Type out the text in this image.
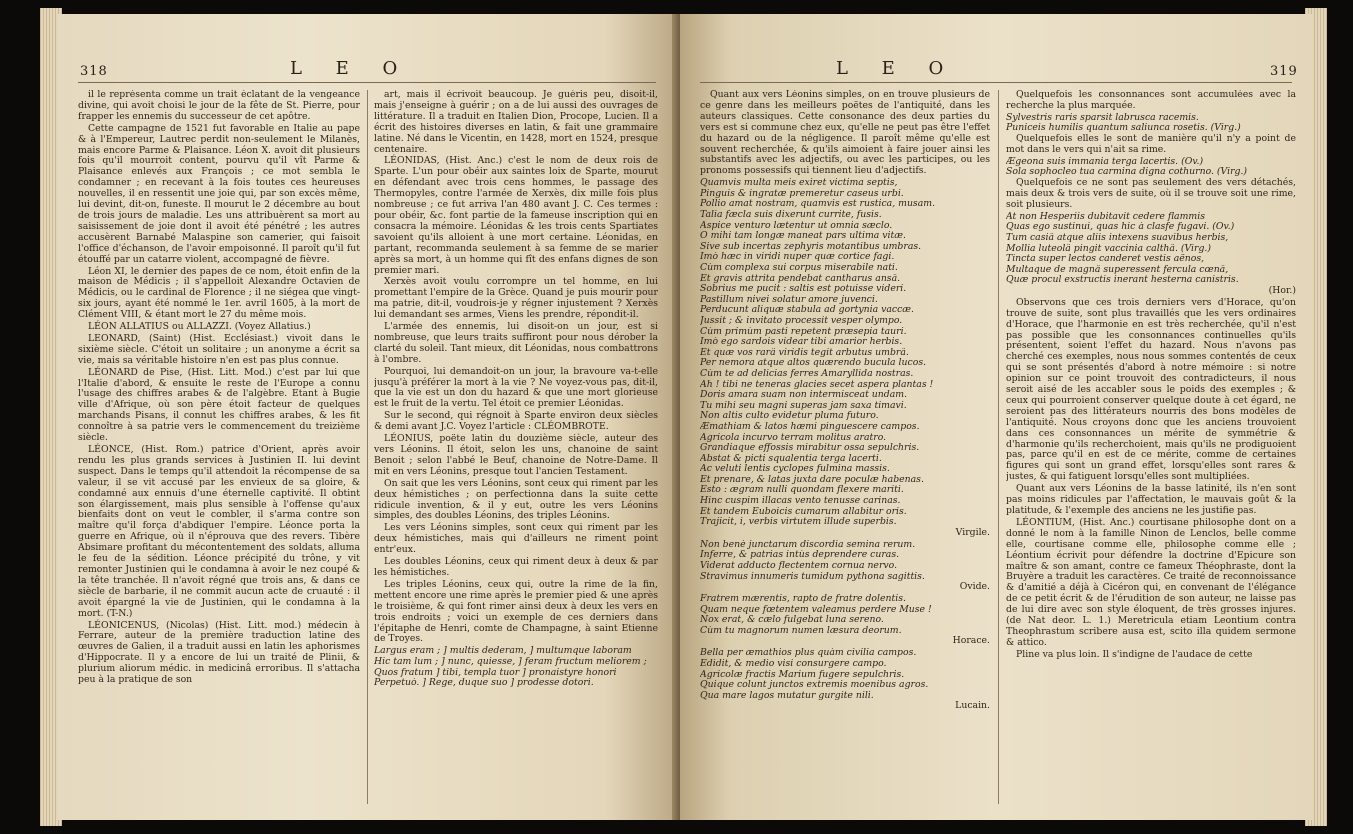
318	L E O

il le représenta comme un trait éclatant de la vengeance divine, qui avoit choisi le jour de la fête de St. Pierre, pour frapper les ennemis du successeur de cet apôtre.

Cette campagne de 1521 fut favorable en Italie au pape & à l'Empereur, Lautrec perdit non-seulement le Milanès, mais encore Parme & Plaisance. Léon X. avoit dit plusieurs fois qu'il mourroit content, pourvu qu'il vît Parme & Plaisance enlevés aux François ; ce mot sembla le condamner ; en recevant à la fois toutes ces heureuses nouvelles, il en ressentit une joie qui, par son excès même, lui devint, dit-on, funeste. Il mourut le 2 décembre au bout de trois jours de maladie. Les uns attribuèrent sa mort au saisissement de joie dont il avoit été pénétré ; les autres accusèrent Barnabé Malaspine son camerier, qui faisoit l'office d'échanson, de l'avoir empoisonné. Il paroît qu'il fut étouffé par un catarre violent, accompagné de fièvre.

Léon XI, le dernier des papes de ce nom, étoit enfin de la maison de Médicis ; il s'appelloit Alexandre Octavien de Médicis, ou le cardinal de Florence ; il ne siégea que vingt-six jours, ayant été nommé le 1er. avril 1605, à la mort de Clément VIII, & étant mort le 27 du même mois.

LÉON ALLATIUS ou ALLAZZI. (Voyez Allatius.)

LEONARD, (Saint) (Hist. Ecclésiast.) vivoit dans le sixième siècle. C'étoit un solitaire ; un anonyme a écrit sa vie, mais sa véritable histoire n'en est pas plus connue.

LÉONARD de Pise, (Hist. Litt. Mod.) c'est par lui que l'Italie d'abord, & ensuite le reste de l'Europe a connu l'usage des chiffres arabes & de l'algèbre. Etant à Bugie ville d'Afrique, où son père étoit facteur de quelques marchands Pisans, il connut les chiffres arabes, & les fit connoître à sa patrie vers le commencement du treizième siècle.

LÉONCE, (Hist. Rom.) patrice d'Orient, après avoir rendu les plus grands services à Justinien II. lui devint suspect. Dans le temps qu'il attendoit la récompense de sa valeur, il se vit accusé par les envieux de sa gloire, & condamné aux ennuis d'une éternelle captivité. Il obtint son élargissement, mais plus sensible à l'offense qu'aux bienfaits dont on veut le combler, il s'arma contre son maître qu'il força d'abdiquer l'empire. Léonce porta la guerre en Afrique, où il n'éprouva que des revers. Tibère Absimare profitant du mécontentement des soldats, alluma le feu de la sédition. Léonce précipité du trône, y vit remonter Justinien qui le condamna à avoir le nez coupé & la tête tranchée. Il n'avoit régné que trois ans, & dans ce siècle de barbarie, il ne commit aucun acte de cruauté : il avoit épargné la vie de Justinien, qui le condamna à la mort. (T-N.)

LÉONICENUS, (Nicolas) (Hist. Litt. mod.) médecin à Ferrare, auteur de la première traduction latine des œuvres de Galien, il a traduit aussi en latin les aphorismes d'Hippocrate. Il y a encore de lui un traité de Plinii, & plurium aliorum médic. in medicinâ erroribus. Il s'attacha peu à la pratique de son

art, mais il écrivoit beaucoup. Je guéris peu, disoit-il, mais j'enseigne à guérir ; on a de lui aussi des ouvrages de littérature. Il a traduit en Italien Dion, Procope, Lucien. Il a écrit des histoires diverses en latin, & fait une grammaire latine. Né dans le Vicentin, en 1428, mort en 1524, presque centenaire.

LÉONIDAS, (Hist. Anc.) c'est le nom de deux rois de Sparte. L'un pour obéir aux saintes loix de Sparte, mourut en défendant avec trois cens hommes, le passage des Thermopyles, contre l'armée de Xerxès, dix mille fois plus nombreuse ; ce fut arriva l'an 480 avant J. C. Ces termes : pour obéir, &c. font partie de la fameuse inscription qui en consacra la mémoire. Léonidas & les trois cents Spartiates savoient qu'ils alloient à une mort certaine. Léonidas, en partant, recommanda seulement à sa femme de se marier après sa mort, à un homme qui fît des enfans dignes de son premier mari.

Xerxès avoit voulu corrompre un tel homme, en lui promettant l'empire de la Grèce. Quand je puis mourir pour ma patrie, dit-il, voudrois-je y régner injustement ? Xerxès lui demandant ses armes, Viens les prendre, répondit-il.

L'armée des ennemis, lui disoit-on un jour, est si nombreuse, que leurs traits suffiront pour nous dérober la clarté du soleil. Tant mieux, dit Léonidas, nous combattrons à l'ombre.

Pourquoi, lui demandoit-on un jour, la bravoure va-t-elle jusqu'à préférer la mort à la vie ? Ne voyez-vous pas, dit-il, que la vie est un don du hazard & que une mort glorieuse est le fruit de la vertu. Tel étoit ce premier Léonidas.

Sur le second, qui régnoit à Sparte environ deux siècles & demi avant J.C. Voyez l'article : CLÉOMBROTE.

LÉONIUS, poëte latin du douzième siècle, auteur des vers Léonins. Il étoit, selon les uns, chanoine de saint Benoit ; selon l'abbé le Beuf, chanoine de Notre-Dame. Il mit en vers Léonins, presque tout l'ancien Testament.

On sait que les vers Léonins, sont ceux qui riment par les deux hémistiches ; on perfectionna dans la suite cette ridicule invention, & il y eut, outre les vers Léonins simples, des doubles Léonins, des triples Léonins.

Les vers Léonins simples, sont ceux qui riment par les deux hémistiches, mais qui d'ailleurs ne riment point entr'eux.

Les doubles Léonins, ceux qui riment deux à deux & par les hémistiches.

Les triples Léonins, ceux qui, outre la rime de la fin, mettent encore une rime après le premier pied & une après le troisième, & qui font rimer ainsi deux à deux les vers en trois endroits ; voici un exemple de ces derniers dans l'épitaphe de Henri, comte de Champagne, à saint Etienne de Troyes.

Largus eram ; ] multis dederam, ] multumque laboram

Hic tam lum ; ] nunc, quiesse, ] feram fructum meliorem ;

Quos fratum ] tibi, templa tuor ] pronaistyre honori

Perpetuò. ] Rege, duque suo ] prodesse dotori.

L E O	319

Quant aux vers Léonins simples, on en trouve plusieurs de ce genre dans les meilleurs poëtes de l'antiquité, dans les auteurs classiques. Cette consonance des deux parties du vers est si commune chez eux, qu'elle ne peut pas être l'effet du hazard ou de la négligence. Il paroît même qu'elle est souvent recherchée, & qu'ils aimoient à faire jouer ainsi les substantifs avec les adjectifs, ou avec les participes, ou les pronoms possessifs qui tiennent lieu d'adjectifs.

Quamvis multa meis exiret victima septis,

Pinguis & ingratæ premeretur caseus urbi.

Pollio amat nostram, quamvis est rustica, musam.

Talia fæcla suis dixerunt currite, fusis.

Aspice venturo lætentur ut omnia sæclo.

O mihi tam longæ maneat pars ultima vitæ.

Sive sub incertas zephyris motantibus umbras.

Imò hæc in viridi nuper quæ cortice fagi.

Cùm complexa sui corpus miserabile nati.

Et gravis attrita pendebat cantharus ansâ.

Sobrius me pucit : saltis est potuisse videri.

Pastillum nivei solatur amore juvenci.

Perducunt aliquæ stabula ad gortynia vaccæ.

Jussit ; & invitato processit vesper olympo.

Cùm primùm pasti repetent præsepia tauri.

Imò ego sardois videar tibi amarior herbis.

Et quæ vos rarâ viridis tegit arbutus umbrâ.

Per nemora atque altos quærendo bucula lucos.

Cùm te ad delicias ferres Amaryllida nostras.

Ah ! tibi ne teneras glacies secet aspera plantas !

Doris amara suam non intermisceat undam.

Tu mihi seu magni superas jam saxa timavi.

Non altis culto evidetur pluma futuro.

Æmathiam & latos hæmi pinguescere campos.

Agricola incurvo terram molitus aratro.

Grandiaque effossis mirabitur ossa sepulchris.

Abstat & picti squalentia terga lacerti.

Ac veluti lentis cyclopes fulmina massis.

Et prenare, & latas juxta dare poculæ habenas.

Esto : ægram nulli quondam flexere mariti.

Hinc cuspim illacas vento tenusse carinas.

Et tandem Euboicis cumarum allabitur oris.

Trajicit, i, verbis virtutem illude superbis.

Virgile.

Non benè junctarum discordia semina rerum.

Inferre, & patrias intùs deprendere curas.

Viderat adducto flectentem cornua nervo.

Stravimus innumeris tumidum pythona sagittis.

Ovide.

Fratrem mærentis, rapto de fratre dolentis.

Quam neque fœtentem valeamus perdere Muse !

Nox erat, & cælo fulgebat luna sereno.

Cùm tu magnorum numen læsura deorum.

Horace.

Bella per æmathios plus quàm civilia campos.

Edidit, & medio visi consurgere campo.

Agricolæ fractis Marium fugere sepulchris.

Quique colunt junctos extremis moenibus agros.

Qua mare lagos mutatur gurgite nili.

Lucain.

Quelquefois les consonnances sont accumulées avec la recherche la plus marquée.

Sylvestris raris sparsit labrusca racemis.

Puniceis humilis quantum saliunca rosetis. (Virg.)

Quelquefois elles le sont de manière qu'il n'y a point de mot dans le vers qui n'ait sa rime.

Ægeona suis immania terga lacertis. (Ov.)

Sola sophocleo tua carmina digna cothurno. (Virg.)

Quelquefois ce ne sont pas seulement des vers détachés, mais deux & trois vers de suite, où il se trouve soit une rime, soit plusieurs.

At non Hesperiis dubitavit cedere flammis

Quas ego sustinui, quas hic à clasfe fugavi. (Ov.)

Tum casiâ atque aliis intexens suavibus herbis,

Mollia luteolâ pingit vaccinia calthâ. (Virg.)

Tincta super lectos canderet vestis aënos,

Multaque de magnâ superessent fercula cœnâ,

Quæ procul exstructis inerant hesterna canistris.

(Hor.)

Observons que ces trois derniers vers d'Horace, qu'on trouve de suite, sont plus travaillés que les vers ordinaires d'Horace, que l'harmonie en est très recherchée, qu'il n'est pas possible que les consonnances continuelles qu'ils présentent, soient l'effet du hazard. Nous n'avons pas cherché ces exemples, nous nous sommes contentés de ceux qui se sont présentés d'abord à notre mémoire : si notre opinion sur ce point trouvoit des contradicteurs, il nous seroit aisé de les accabler sous le poids des exemples ; & ceux qui pourroient conserver quelque doute à cet égard, ne seroient pas des littérateurs nourris des bons modèles de l'antiquité. Nous croyons donc que les anciens trouvoient dans ces consonnances un mérite de symmétrie & d'harmonie qu'ils recherchoient, mais qu'ils ne prodiguoient pas, parce qu'il en est de ce mérite, comme de certaines figures qui sont un grand effet, lorsqu'elles sont rares & justes, & qui fatiguent lorsqu'elles sont multipliées.

Quant aux vers Léonins de la basse latinité, ils n'en sont pas moins ridicules par l'affectation, le mauvais goût & la platitude, & l'exemple des anciens ne les justifie pas.

LÉONTIUM, (Hist. Anc.) courtisane philosophe dont on a donné le nom à la famille Ninon de Lenclos, belle comme elle, courtisane comme elle, philosophe comme elle ; Léontium écrivit pour défendre la doctrine d'Epicure son maître & son amant, contre ce fameux Théophraste, dont la Bruyère a traduit les caractères. Ce traité de reconnoissance & d'amitié a déjà à Cicéron qui, en convenant de l'élégance de ce petit écrit & de l'érudition de son auteur, ne laisse pas de lui dire avec son style éloquent, de très grosses injures. (de Nat deor. L. 1.) Meretricula etiam Leontium contra Theophrastum scribere ausa est, scito illa quidem sermone & attico.

Pline va plus loin. Il s'indigne de l'audace de cette
